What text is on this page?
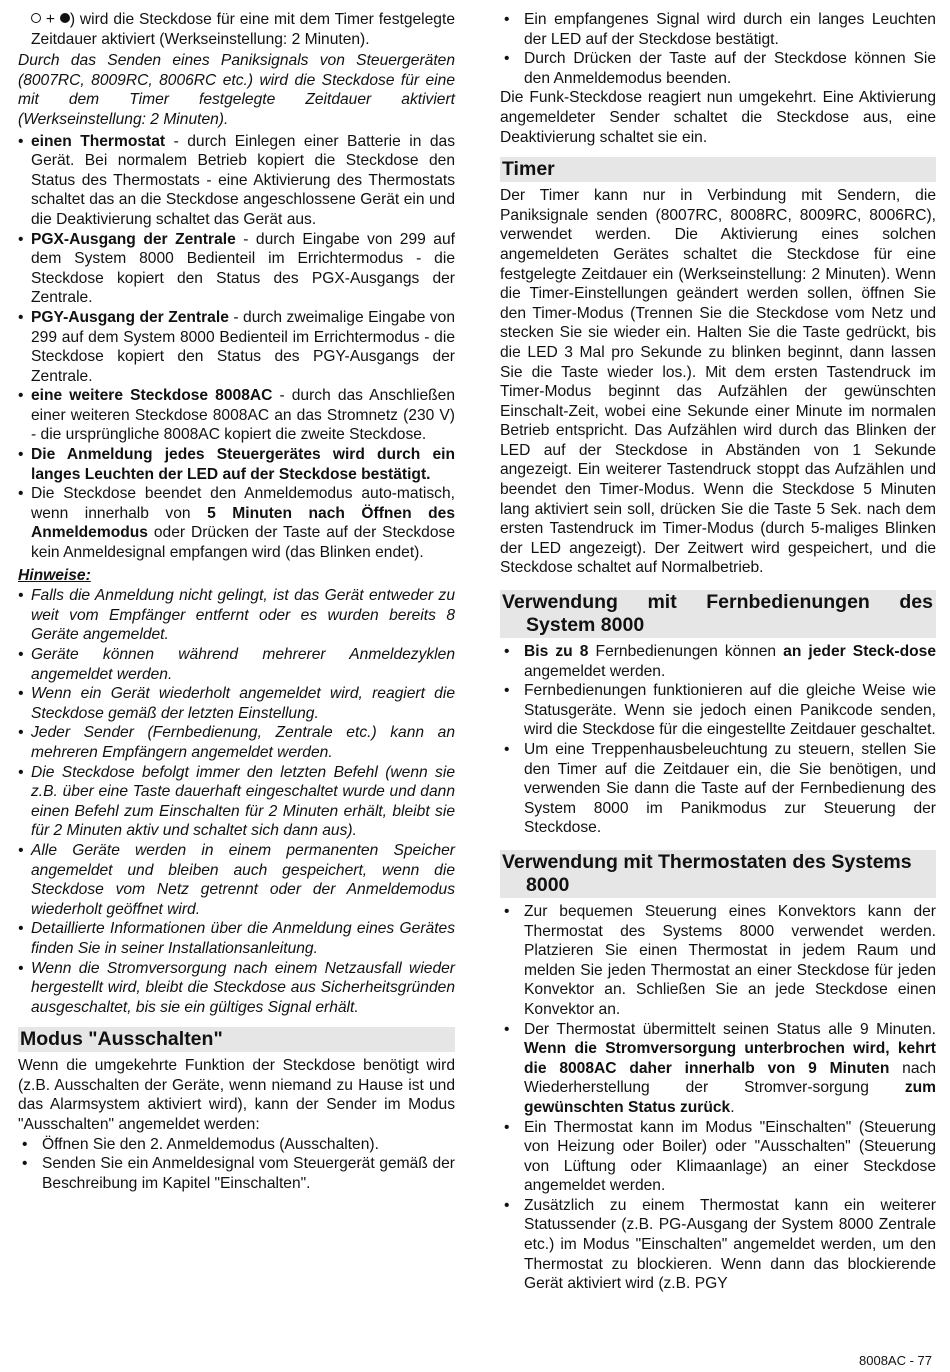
+ ) wird die Steckdose für eine mit dem Timer festgelegte Zeitdauer aktiviert (Werkseinstellung: 2 Minuten).

Durch das Senden eines Paniksignals von Steuergeräten (8007RC, 8009RC, 8006RC etc.) wird die Steckdose für eine mit dem Timer festgelegte Zeitdauer aktiviert (Werkseinstellung: 2 Minuten).

• einen Thermostat - durch Einlegen einer Batterie in das Gerät. Bei normalem Betrieb kopiert die Steckdose den Status des Thermostats - eine Aktivierung des Thermostats schaltet das an die Steckdose angeschlossene Gerät ein und die Deaktivierung schaltet das Gerät aus.

• PGX-Ausgang der Zentrale - durch Eingabe von 299 auf dem System 8000 Bedienteil im Errichtermodus - die Steckdose kopiert den Status des PGX-Ausgangs der Zentrale.

• PGY-Ausgang der Zentrale - durch zweimalige Eingabe von 299 auf dem System 8000 Bedienteil im Errichtermodus - die Steckdose kopiert den Status des PGY-Ausgangs der Zentrale.

• eine weitere Steckdose 8008AC - durch das Anschließen einer weiteren Steckdose 8008AC an das Stromnetz (230 V) - die ursprüngliche 8008AC kopiert die zweite Steckdose.

• Die Anmeldung jedes Steuergerätes wird durch ein langes Leuchten der LED auf der Steckdose bestätigt.

• Die Steckdose beendet den Anmeldemodus auto-matisch, wenn innerhalb von 5 Minuten nach Öffnen des Anmeldemodus oder Drücken der Taste auf der Steckdose kein Anmeldesignal empfangen wird (das Blinken endet).

Hinweise:

• Falls die Anmeldung nicht gelingt, ist das Gerät entweder zu weit vom Empfänger entfernt oder es wurden bereits 8 Geräte angemeldet.

• Geräte können während mehrerer Anmeldezyklen angemeldet werden.

• Wenn ein Gerät wiederholt angemeldet wird, reagiert die Steckdose gemäß der letzten Einstellung.

• Jeder Sender (Fernbedienung, Zentrale etc.) kann an mehreren Empfängern angemeldet werden.

• Die Steckdose befolgt immer den letzten Befehl (wenn sie z.B. über eine Taste dauerhaft eingeschaltet wurde und dann einen Befehl zum Einschalten für 2 Minuten erhält, bleibt sie für 2 Minuten aktiv und schaltet sich dann aus).

• Alle Geräte werden in einem permanenten Speicher angemeldet und bleiben auch gespeichert, wenn die Steckdose vom Netz getrennt oder der Anmeldemodus wiederholt geöffnet wird.

• Detaillierte Informationen über die Anmeldung eines Gerätes finden Sie in seiner Installationsanleitung.

• Wenn die Stromversorgung nach einem Netzausfall wieder hergestellt wird, bleibt die Steckdose aus Sicherheitsgründen ausgeschaltet, bis sie ein gültiges Signal erhält.

Modus "Ausschalten"

Wenn die umgekehrte Funktion der Steckdose benötigt wird (z.B. Ausschalten der Geräte, wenn niemand zu Hause ist und das Alarmsystem aktiviert wird), kann der Sender im Modus "Ausschalten" angemeldet werden:

• Öffnen Sie den 2. Anmeldemodus (Ausschalten).

• Senden Sie ein Anmeldesignal vom Steuergerät gemäß der Beschreibung im Kapitel "Einschalten".

• Ein empfangenes Signal wird durch ein langes Leuchten der LED auf der Steckdose bestätigt.

• Durch Drücken der Taste auf der Steckdose können Sie den Anmeldemodus beenden.

Die Funk-Steckdose reagiert nun umgekehrt. Eine Aktivierung angemeldeter Sender schaltet die Steckdose aus, eine Deaktivierung schaltet sie ein.

Timer

Der Timer kann nur in Verbindung mit Sendern, die Paniksignale senden (8007RC, 8008RC, 8009RC, 8006RC), verwendet werden. Die Aktivierung eines solchen angemeldeten Gerätes schaltet die Steckdose für eine festgelegte Zeitdauer ein (Werkseinstellung: 2 Minuten). Wenn die Timer-Einstellungen geändert werden sollen, öffnen Sie den Timer-Modus (Trennen Sie die Steckdose vom Netz und stecken Sie sie wieder ein. Halten Sie die Taste gedrückt, bis die LED 3 Mal pro Sekunde zu blinken beginnt, dann lassen Sie die Taste wieder los.). Mit dem ersten Tastendruck im Timer-Modus beginnt das Aufzählen der gewünschten Einschalt-Zeit, wobei eine Sekunde einer Minute im normalen Betrieb entspricht. Das Aufzählen wird durch das Blinken der LED auf der Steckdose in Abständen von 1 Sekunde angezeigt. Ein weiterer Tastendruck stoppt das Aufzählen und beendet den Timer-Modus. Wenn die Steckdose 5 Minuten lang aktiviert sein soll, drücken Sie die Taste 5 Sek. nach dem ersten Tastendruck im Timer-Modus (durch 5-maliges Blinken der LED angezeigt). Der Zeitwert wird gespeichert, und die Steckdose schaltet auf Normalbetrieb.

Verwendung mit Fernbedienungen des System 8000

• Bis zu 8 Fernbedienungen können an jeder Steck-dose angemeldet werden.

• Fernbedienungen funktionieren auf die gleiche Weise wie Statusgeräte. Wenn sie jedoch einen Panikcode senden, wird die Steckdose für die eingestellte Zeitdauer geschaltet.

• Um eine Treppenhausbeleuchtung zu steuern, stellen Sie den Timer auf die Zeitdauer ein, die Sie benötigen, und verwenden Sie dann die Taste auf der Fernbedienung des System 8000 im Panikmodus zur Steuerung der Steckdose.

Verwendung mit Thermostaten des Systems 8000

• Zur bequemen Steuerung eines Konvektors kann der Thermostat des Systems 8000 verwendet werden. Platzieren Sie einen Thermostat in jedem Raum und melden Sie jeden Thermostat an einer Steckdose für jeden Konvektor an. Schließen Sie an jede Steckdose einen Konvektor an.

• Der Thermostat übermittelt seinen Status alle 9 Minuten. Wenn die Stromversorgung unterbrochen wird, kehrt die 8008AC daher innerhalb von 9 Minuten nach Wiederherstellung der Stromver-sorgung zum gewünschten Status zurück.

• Ein Thermostat kann im Modus "Einschalten" (Steuerung von Heizung oder Boiler) oder "Ausschalten" (Steuerung von Lüftung oder Klimaanlage) an einer Steckdose angemeldet werden.

• Zusätzlich zu einem Thermostat kann ein weiterer Statussender (z.B. PG-Ausgang der System 8000 Zentrale etc.) im Modus "Einschalten" angemeldet werden, um den Thermostat zu blockieren. Wenn dann das blockierende Gerät aktiviert wird (z.B. PGY

8008AC - 77
